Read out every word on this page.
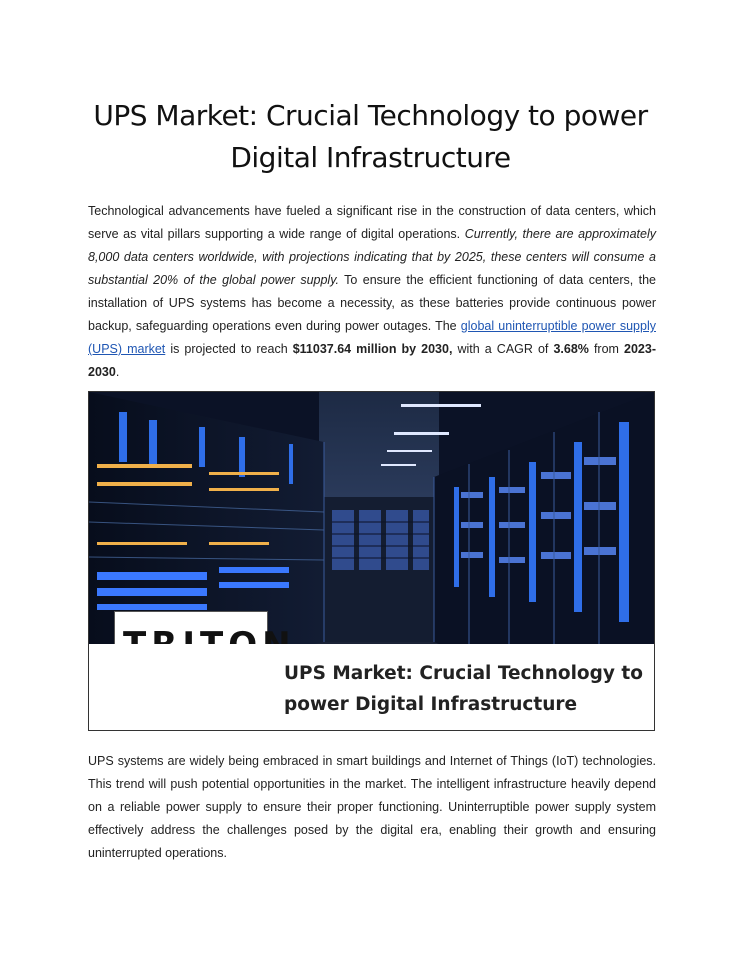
UPS Market: Crucial Technology to power
Digital Infrastructure

Technological advancements have fueled a significant rise in the construction of data centers, which serve as vital pillars supporting a wide range of digital operations. Currently, there are approximately 8,000 data centers worldwide, with projections indicating that by 2025, these centers will consume a substantial 20% of the global power supply. To ensure the efficient functioning of data centers, the installation of UPS systems has become a necessity, as these batteries provide continuous power backup, safeguarding operations even during power outages. The global uninterruptible power supply (UPS) market is projected to reach $11037.64 million by 2030, with a CAGR of 3.68% from 2023-2030.

UPS Market: Crucial Technology to power Digital Infrastructure

UPS systems are widely being embraced in smart buildings and Internet of Things (IoT) technologies. This trend will push potential opportunities in the market. The intelligent infrastructure heavily depend on a reliable power supply to ensure their proper functioning. Uninterruptible power supply system effectively address the challenges posed by the digital era, enabling their growth and ensuring uninterrupted operations.
